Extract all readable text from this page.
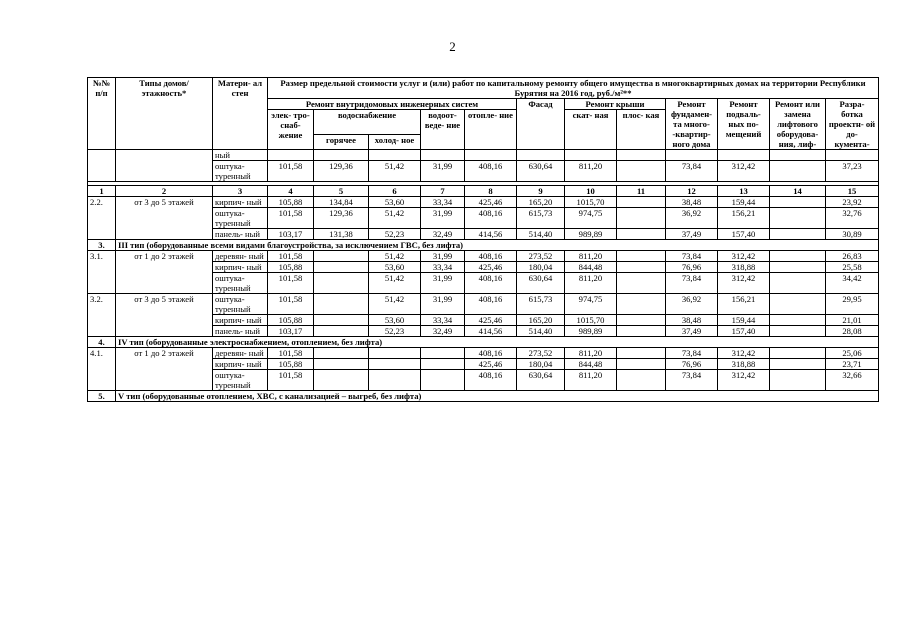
2
№№ п/п	Типы домов/ этажность*	Матери- ал стен	Размер предельной стоимости услуг и (или) работ по капитальному ремонту общего имущества в многоквартирных домах на территории Республики Бурятия на 2016 год, руб./м²**												
			Ремонт внутридомовых инженерных систем					Фасад	Ремонт крыши		Ремонт фундамен- та много- -квартир- ного дома	Ремонт подваль- ных по- мещений	Ремонт или замена лифтового оборудова- ния, лиф-	Разра- ботка проектн- ой до- кумента-	
			элек- тро- снаб- жение	водоснабжение		водоот- веде- ние	отопле- ние		скат- ная	плос- кая					
				горячее	холод- ное										
		ный													
		оштука- туренный	101,58	129,36	51,42	31,99	408,16	630,64	811,20		73,84	312,42		37,23	

1	2	3	4	5	6	7	8	9	10	11	12	13	14	15	
2.2.	от 3 до 5 этажей	кирпич- ный	105,88	134,84	53,60	33,34	425,46	165,20	1015,70		38,48	159,44		23,92	
		оштука- туренный	101,58	129,36	51,42	31,99	408,16	615,73	974,75		36,92	156,21		32,76	
		панель- ный	103,17	131,38	52,23	32,49	414,56	514,40	989,89		37,49	157,40		30,89	
3.	III тип (оборудованные всеми видами благоустройства, за исключением ГВС, без лифта)														
3.1.	от 1 до 2 этажей	деревян- ный	101,58		51,42	31,99	408,16	273,52	811,20		73,84	312,42		26,83	
		кирпич- ный	105,88		53,60	33,34	425,46	180,04	844,48		76,96	318,88		25,58	
		оштука- туренный	101,58		51,42	31,99	408,16	630,64	811,20		73,84	312,42		34,42	
3.2.	от 3 до 5 этажей	оштука- туренный	101,58		51,42	31,99	408,16	615,73	974,75		36,92	156,21		29,95	
		кирпич- ный	105,88		53,60	33,34	425,46	165,20	1015,70		38,48	159,44		21,01	
		панель- ный	103,17		52,23	32,49	414,56	514,40	989,89		37,49	157,40		28,08	
4.	IV тип (оборудованные электроснабжением, отоплением, без лифта)														
4.1.	от 1 до 2 этажей	деревян- ный	101,58				408,16	273,52	811,20		73,84	312,42		25,06	
		кирпич- ный	105,88				425,46	180,04	844,48		76,96	318,88		23,71	
		оштука- туренный	101,58				408,16	630,64	811,20		73,84	312,42		32,66	
5.	V тип (оборудованные отоплением, ХВС, с канализацией – выгреб, без лифта)														
